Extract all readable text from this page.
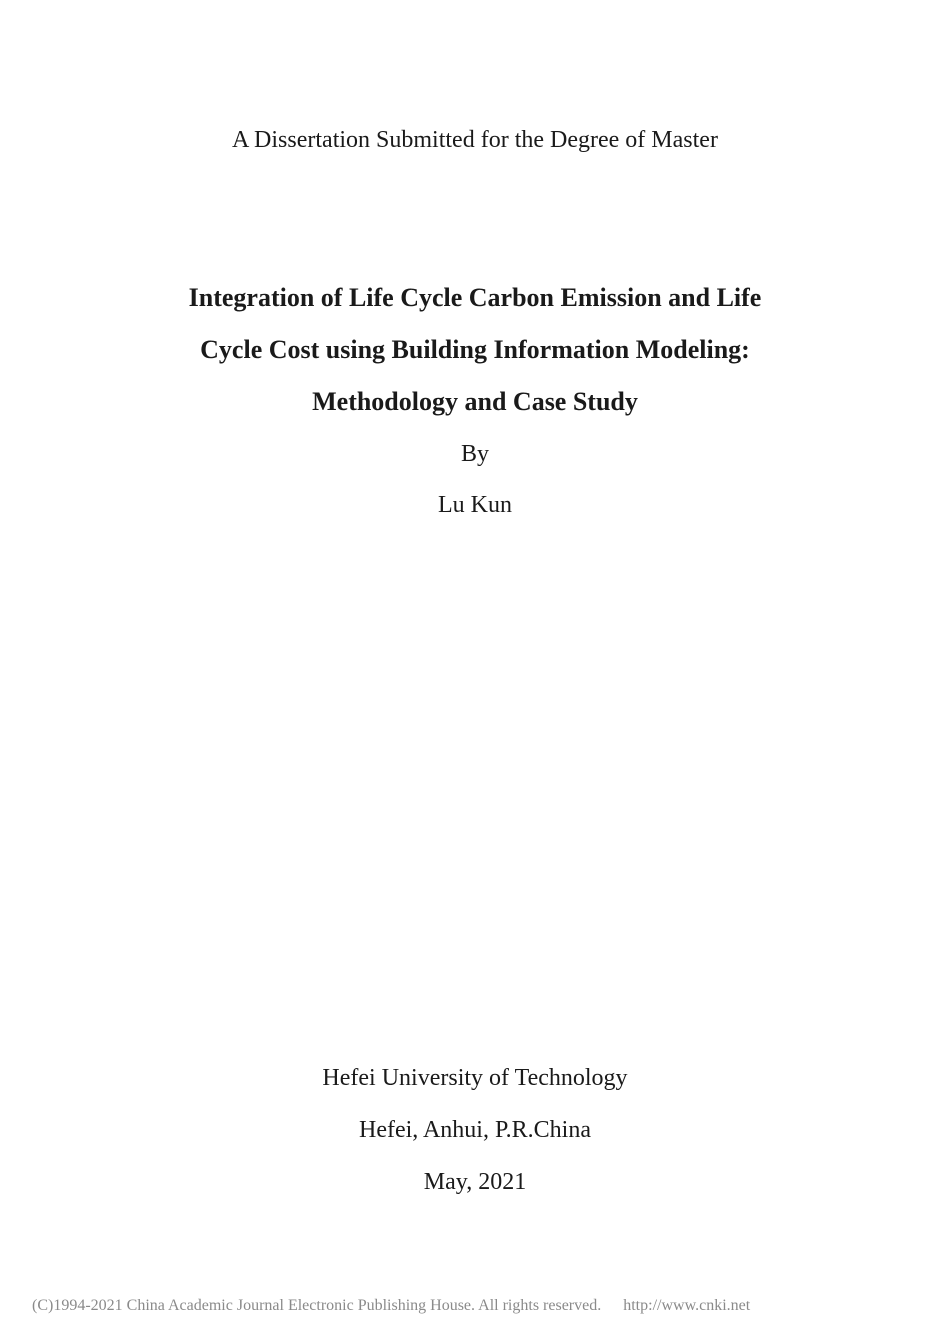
A Dissertation Submitted for the Degree of Master
Integration of Life Cycle Carbon Emission and Life
Cycle Cost using Building Information Modeling:
Methodology and Case Study
By
Lu Kun
Hefei University of Technology
Hefei, Anhui, P.R.China
May, 2021
(C)1994-2021 China Academic Journal Electronic Publishing House. All rights reserved. http://www.cnki.net
